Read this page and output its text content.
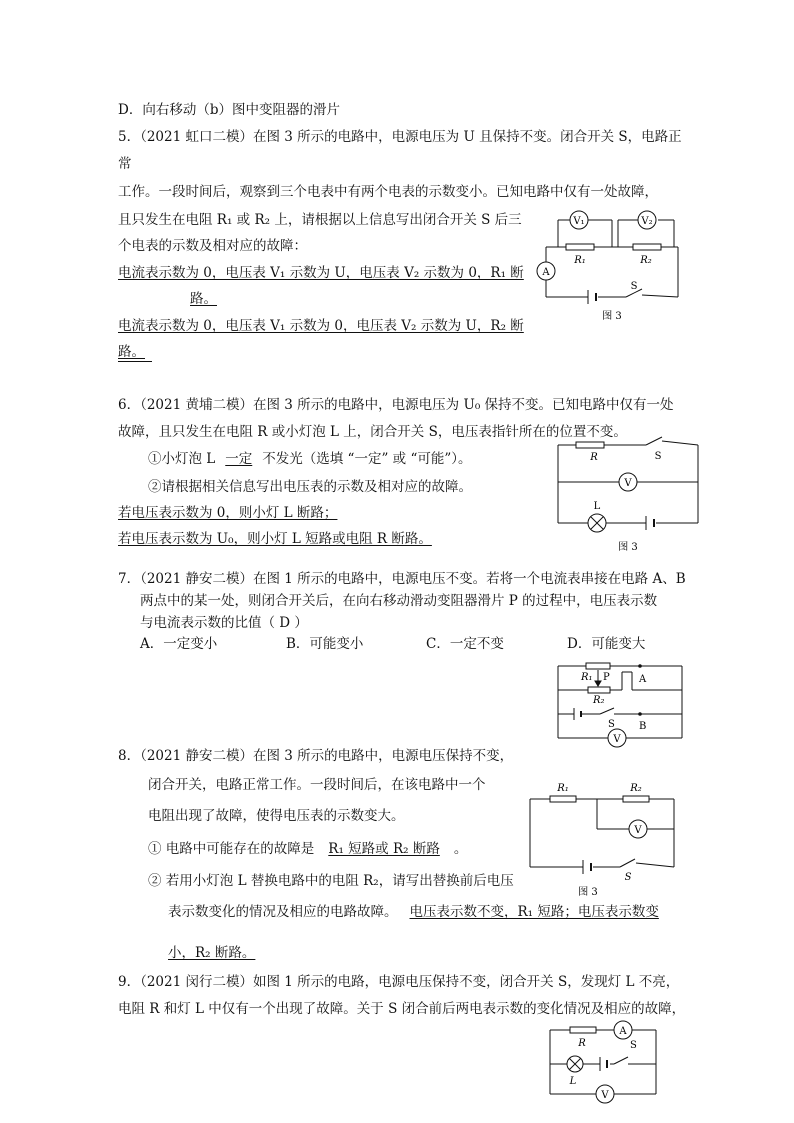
D．向右移动（b）图中变阻器的滑片
5．（2021 虹口二模）在图 3 所示的电路中，电源电压为 U 且保持不变。闭合开关 S，电路正
常
工作。一段时间后，观察到三个电表中有两个电表的示数变小。已知电路中仅有一处故障，
且只发生在电阻 R₁ 或 R₂ 上，请根据以上信息写出闭合开关 S 后三
个电表的示数及相对应的故障：
电流表示数为 0，电压表 V₁ 示数为 U，电压表 V₂ 示数为 0，R₁ 断
路。
电流表示数为 0，电压表 V₁ 示数为 0，电压表 V₂ 示数为 U，R₂ 断
路。
V₁	V₂
A
R₁	R₂
S
图 3
6．（2021 黄埔二模）在图 3 所示的电路中，电源电压为 U₀ 保持不变。已知电路中仅有一处
故障，且只发生在电阻 R 或小灯泡 L 上，闭合开关 S，电压表指针所在的位置不变。
①小灯泡 L 一定 不发光（选填 “一定” 或 “可能”）。
②请根据相关信息写出电压表的示数及相对应的故障。
若电压表示数为 0，则小灯 L 断路；
若电压表示数为 U₀，则小灯 L 短路或电阻 R 断路。
R	S
V
L
图 3
7．（2021 静安二模）在图 1 所示的电路中，电源电压不变。若将一个电流表串接在电路 A、B
两点中的某一处，则闭合开关后，在向右移动滑动变阻器滑片 P 的过程中，电压表示数
与电流表示数的比值（ D ）
A．一定变小	B．可能变小	C．一定不变	D．可能变大
R₁ P
R₂
A
B
S
V
8．（2021 静安二模）在图 3 所示的电路中，电源电压保持不变，
闭合开关，电路正常工作。一段时间后，在该电路中一个
电阻出现了故障，使得电压表的示数变大。
① 电路中可能存在的故障是 R₁ 短路或 R₂ 断路 。
② 若用小灯泡 L 替换电路中的电阻 R₂，请写出替换前后电压
表示数变化的情况及相应的电路故障。 电压表示数不变，R₁ 短路；电压表示数变
小，R₂ 断路。
R₁	R₂
V
S
图 3
9．（2021 闵行二模）如图 1 所示的电路，电源电压保持不变，闭合开关 S，发现灯 L 不亮，
电阻 R 和灯 L 中仅有一个出现了故障。关于 S 闭合前后两电表示数的变化情况及相应的故障，
R
A
S
L
V
